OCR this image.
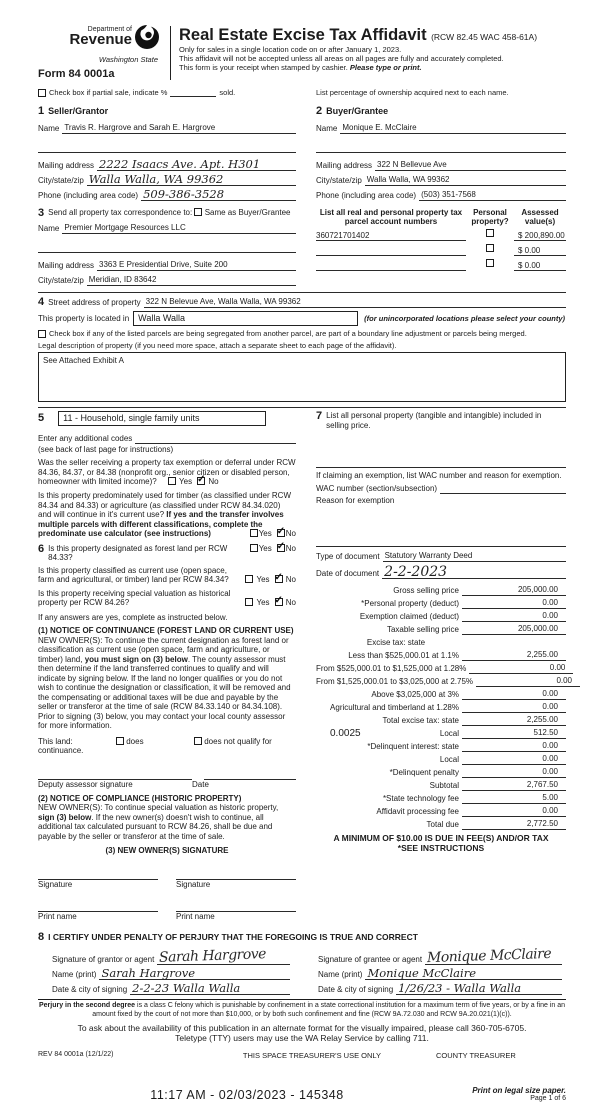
Department of
Revenue
Washington State
Form 84 0001a
Real Estate Excise Tax Affidavit (RCW 82.45 WAC 458-61A)
Only for sales in a single location code on or after January 1, 2023.
This affidavit will not be accepted unless all areas on all pages are fully and accurately completed.
This form is your receipt when stamped by cashier. Please type or print.
Check box if partial sale, indicate %	sold.	List percentage of ownership acquired next to each name.
1 Seller/Grantor
Name Travis R. Hargrove and Sarah E. Hargrove
Mailing address 2222 Isaacs Ave. Apt. H301
City/state/zip Walla Walla, WA 99362
Phone (including area code) 509-386-3528
2 Buyer/Grantee
Name Monique E. McClaire
Mailing address 322 N Bellevue Ave
City/state/zip Walla Walla, WA 99362
Phone (including area code) (503) 351-7568
3 Send all property tax correspondence to: Same as Buyer/Grantee
Name Premier Mortgage Resources LLC
Mailing address 3363 E Presidential Drive, Suite 200
City/state/zip Meridian, ID 83642
List all real and personal property tax
parcel account numbers
Personal
property?
Assessed
value(s)
360721701402	$ 200,890.00
$ 0.00
$ 0.00
4 Street address of property 322 N Belevue Ave, Walla Walla, WA 99362
This property is located in	Walla Walla	(for unincorporated locations please select your county)
Check box if any of the listed parcels are being segregated from another parcel, are part of a boundary line adjustment or parcels being merged.
Legal description of property (if you need more space, attach a separate sheet to each page of the affidavit).
See Attached Exhibit A
5	11 - Household, single family units
Enter any additional codes
(see back of last page for instructions)
Was the seller receiving a property tax exemption or deferral under RCW 84.36, 84.37, or 84.38 (nonprofit org., senior citizen or disabled person, homeowner with limited income)?	Yes ✓ No
Is this property predominately used for timber (as classified under RCW 84.34 and 84.33) or agriculture (as classified under RCW 84.34.020) and will continue in it's current use? If yes and the transfer involves multiple parcels with different classifications, complete the predominate use calculator (see instructions)	Yes ✓ No
6 Is this property designated as forest land per RCW 84.33?
Yes ✓ No
Is this property classified as current use (open space, farm and agricultural, or timber) land per RCW 84.34?	Yes ✓ No
Is this property receiving special valuation as historical property per RCW 84.26?	Yes ✓ No
If any answers are yes, complete as instructed below.
(1) NOTICE OF CONTINUANCE (FOREST LAND OR CURRENT USE)
NEW OWNER(S): To continue the current designation as forest land or classification as current use (open space, farm and agriculture, or timber) land, you must sign on (3) below. The county assessor must then determine if the land transferred continues to qualify and will indicate by signing below. If the land no longer qualifies or you do not wish to continue the designation or classification, it will be removed and the compensating or additional taxes will be due and payable by the seller or transferor at the time of sale (RCW 84.33.140 or 84.34.108). Prior to signing (3) below, you may contact your local county assessor for more information.
This land:	does	does not qualify for
continuance.
Deputy assessor signature	Date
(2) NOTICE OF COMPLIANCE (HISTORIC PROPERTY)
NEW OWNER(S): To continue special valuation as historic property, sign (3) below. If the new owner(s) doesn't wish to continue, all additional tax calculated pursuant to RCW 84.26, shall be due and payable by the seller or transferor at the time of sale.
(3) NEW OWNER(S) SIGNATURE
Signature	Signature
Print name	Print name
7 List all personal property (tangible and intangible) included in selling price.
If claiming an exemption, list WAC number and reason for exemption.
WAC number (section/subsection)
Reason for exemption
Type of document Statutory Warranty Deed
Date of document 2-2-2023
Gross selling price	205,000.00
*Personal property (deduct)	0.00
Exemption claimed (deduct)	0.00
Taxable selling price	205,000.00
Excise tax: state
Less than $525,000.01 at 1.1%	2,255.00
From $525,000.01 to $1,525,000 at 1.28%	0.00
From $1,525,000.01 to $3,025,000 at 2.75%	0.00
Above $3,025,000 at 3%	0.00
Agricultural and timberland at 1.28%	0.00
Total excise tax: state	2,255.00
0.0025	Local	512.50
*Delinquent interest: state	0.00
Local	0.00
*Delinquent penalty	0.00
Subtotal	2,767.50
*State technology fee	5.00
Affidavit processing fee	0.00
Total due	2,772.50
A MINIMUM OF $10.00 IS DUE IN FEE(S) AND/OR TAX
*SEE INSTRUCTIONS
8 I CERTIFY UNDER PENALTY OF PERJURY THAT THE FOREGOING IS TRUE AND CORRECT
Signature of grantor or agent Sarah Hargrove
Name (print) Sarah Hargrove
Date & city of signing 2-2-23 Walla Walla
Signature of grantee or agent Monique McClaire
Name (print) Monique McClaire
Date & city of signing 1/26/23 - Walla Walla
Perjury in the second degree is a class C felony which is punishable by confinement in a state correctional institution for a maximum term of five years, or by a fine in an amount fixed by the court of not more than $10,000, or by both such confinement and fine (RCW 9A.72.030 and RCW 9A.20.021(1)(c)).
To ask about the availability of this publication in an alternate format for the visually impaired, please call 360-705-6705. Teletype (TTY) users may use the WA Relay Service by calling 711.
REV 84 0001a (12/1/22)	THIS SPACE TREASURER'S USE ONLY	COUNTY TREASURER
11:17 AM - 02/03/2023 - 145348	Print on legal size paper.
Page 1 of 6
